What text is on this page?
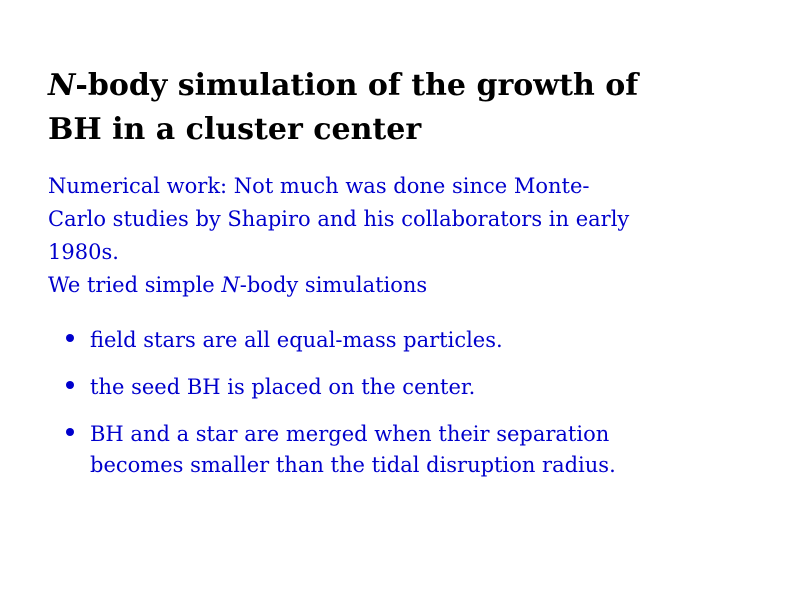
N-body simulation of the growth of
BH in a cluster center
Numerical work: Not much was done since Monte-
Carlo studies by Shapiro and his collaborators in early
1980s.
We tried simple N-body simulations
field stars are all equal-mass particles.
the seed BH is placed on the center.
BH and a star are merged when their separation
becomes smaller than the tidal disruption radius.
